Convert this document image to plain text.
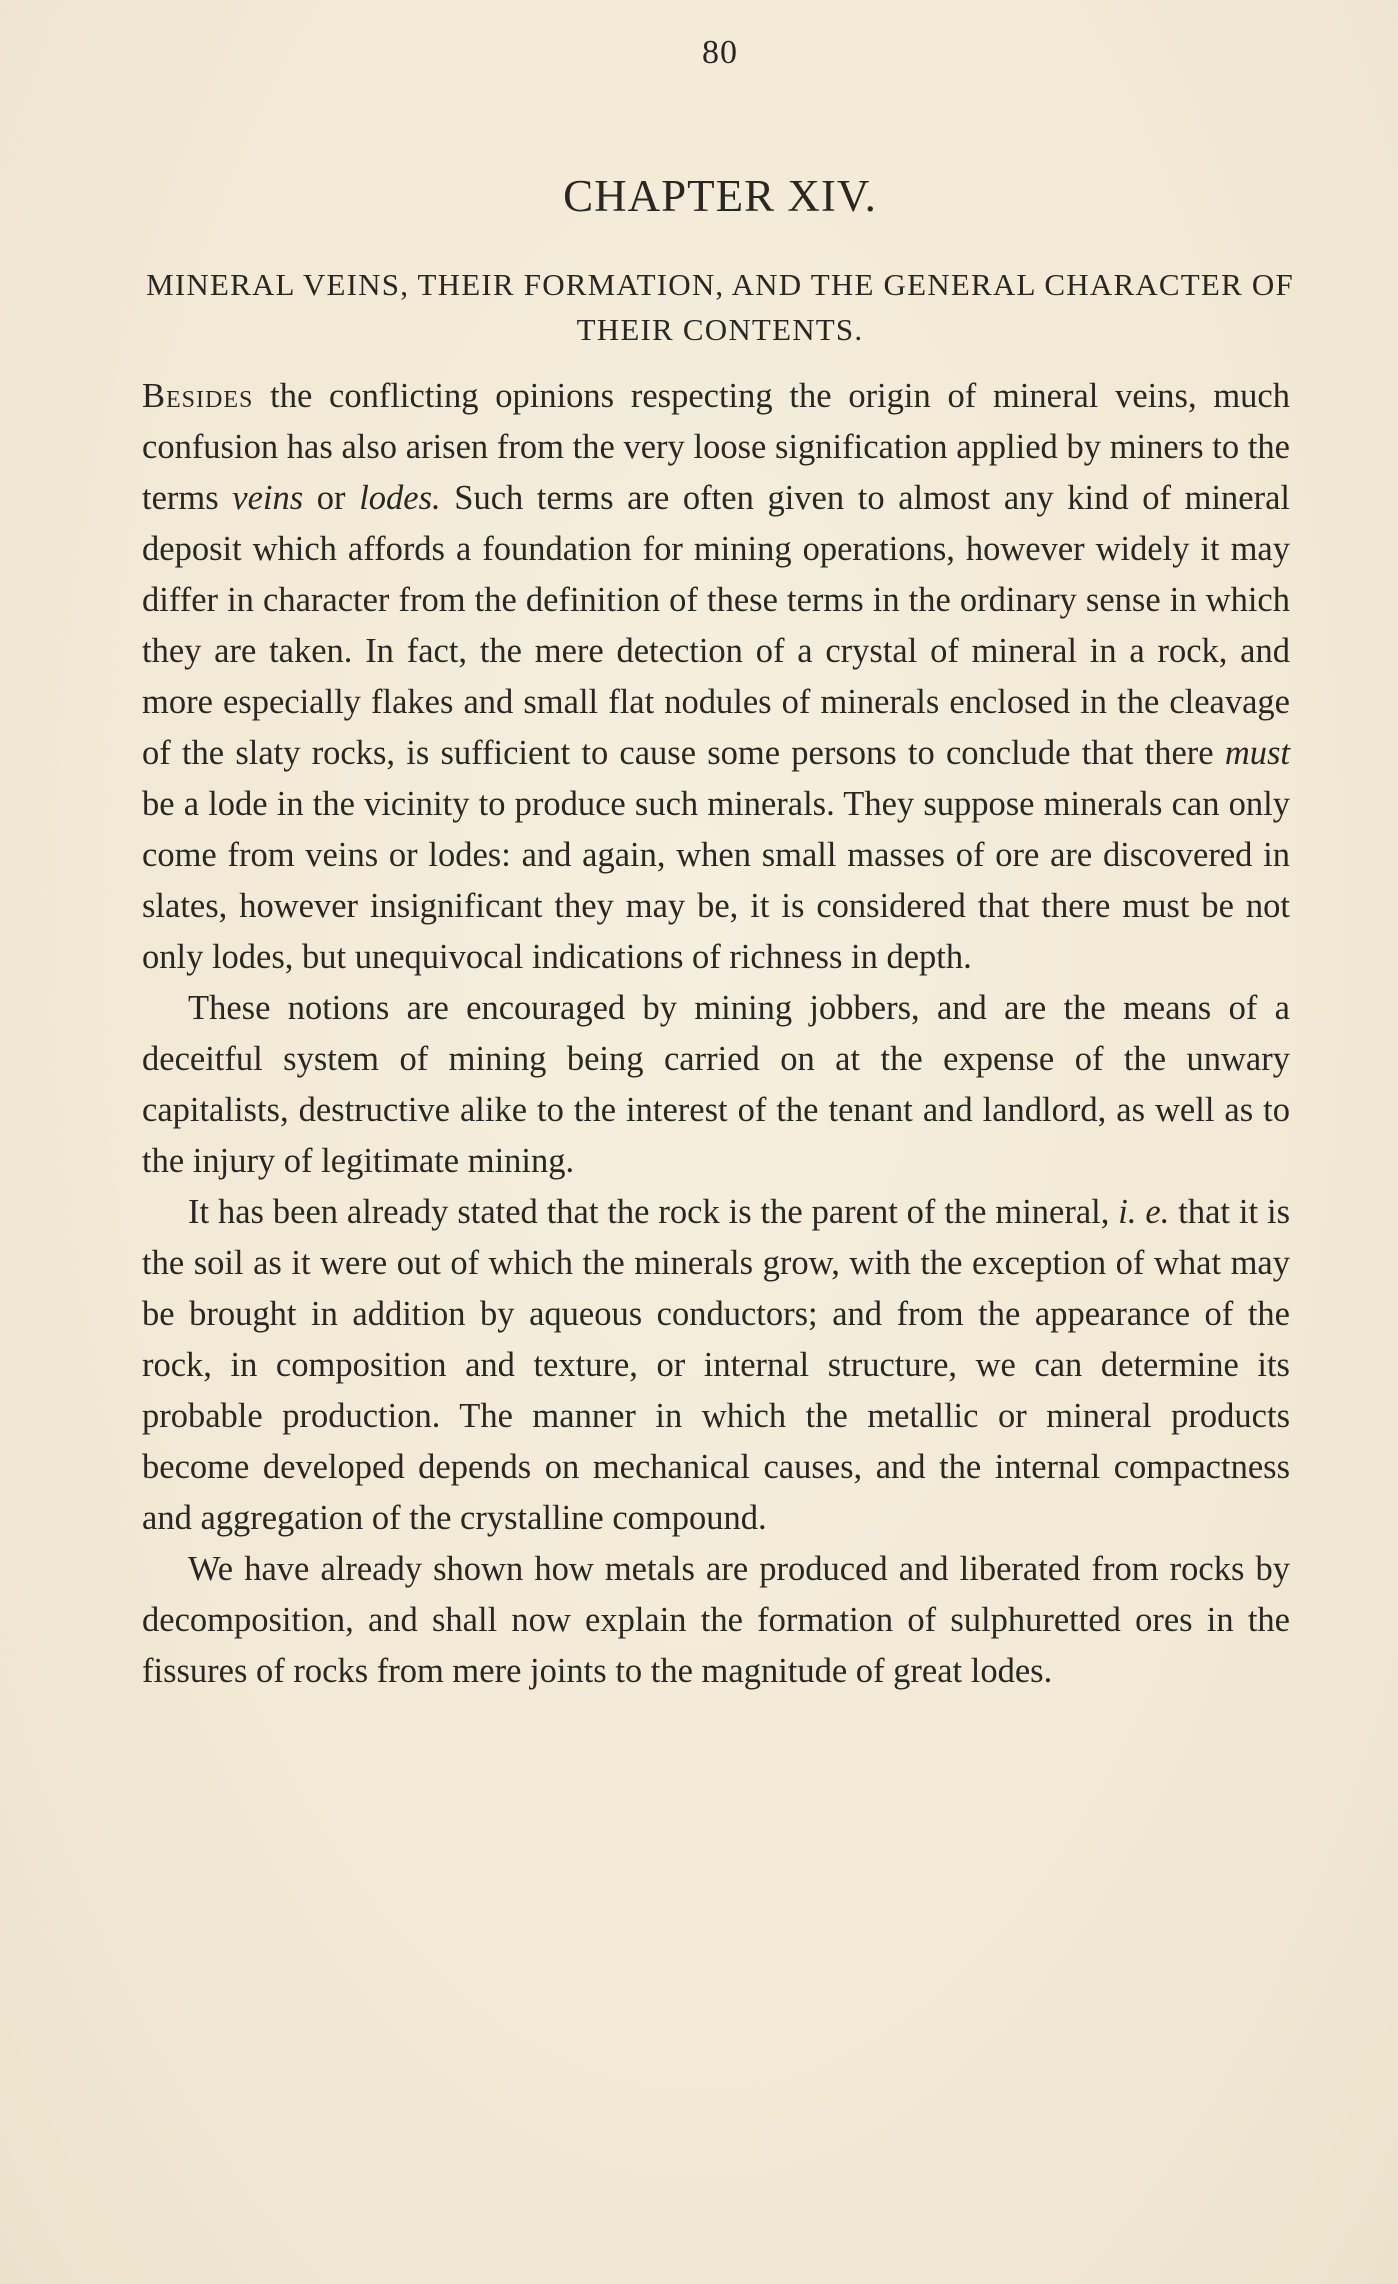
80
CHAPTER XIV.
MINERAL VEINS, THEIR FORMATION, AND THE GENERAL CHARACTER OF THEIR CONTENTS.

Besides the conflicting opinions respecting the origin of mineral veins, much confusion has also arisen from the very loose signification applied by miners to the terms veins or lodes. Such terms are often given to almost any kind of mineral deposit which affords a foundation for mining operations, however widely it may differ in character from the definition of these terms in the ordinary sense in which they are taken. In fact, the mere detection of a crystal of mineral in a rock, and more especially flakes and small flat nodules of minerals enclosed in the cleavage of the slaty rocks, is sufficient to cause some persons to conclude that there must be a lode in the vicinity to produce such minerals. They suppose minerals can only come from veins or lodes: and again, when small masses of ore are discovered in slates, however insignificant they may be, it is considered that there must be not only lodes, but unequivocal indications of richness in depth.

These notions are encouraged by mining jobbers, and are the means of a deceitful system of mining being carried on at the expense of the unwary capitalists, destructive alike to the interest of the tenant and landlord, as well as to the injury of legitimate mining.

It has been already stated that the rock is the parent of the mineral, i. e. that it is the soil as it were out of which the minerals grow, with the exception of what may be brought in addition by aqueous conductors; and from the appearance of the rock, in composition and texture, or internal structure, we can determine its probable production. The manner in which the metallic or mineral products become developed depends on mechanical causes, and the internal compactness and aggregation of the crystalline compound.

We have already shown how metals are produced and liberated from rocks by decomposition, and shall now explain the formation of sulphuretted ores in the fissures of rocks from mere joints to the magnitude of great lodes.
